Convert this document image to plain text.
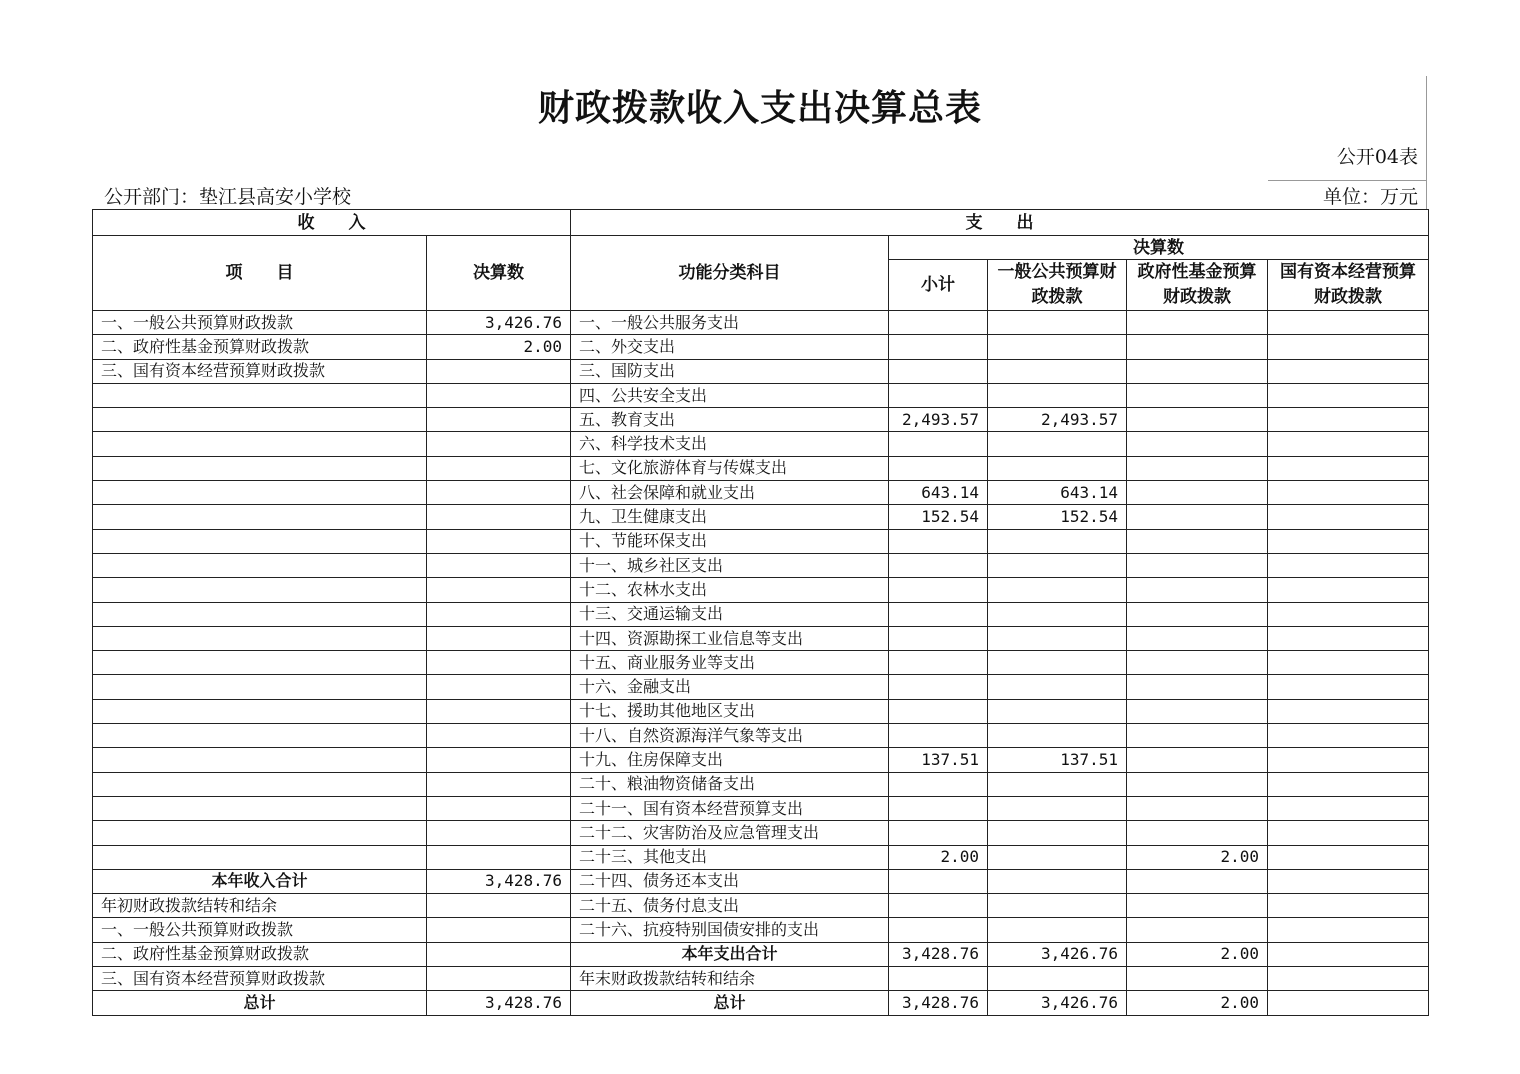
财政拨款收入支出决算总表
公开04表
公开部门：垫江县高安小学校	单位：万元
收　　入		支　　出				
项　　目	决算数	功能分类科目	决算数			
			小计	一般公共预算财政拨款	政府性基金预算财政拨款	国有资本经营预算财政拨款
一、一般公共预算财政拨款	3,426.76	一、一般公共服务支出				
二、政府性基金预算财政拨款	2.00	二、外交支出				
三、国有资本经营预算财政拨款		三、国防支出				
		四、公共安全支出				
		五、教育支出	2,493.57	2,493.57		
		六、科学技术支出				
		七、文化旅游体育与传媒支出				
		八、社会保障和就业支出	643.14	643.14		
		九、卫生健康支出	152.54	152.54		
		十、节能环保支出				
		十一、城乡社区支出				
		十二、农林水支出				
		十三、交通运输支出				
		十四、资源勘探工业信息等支出				
		十五、商业服务业等支出				
		十六、金融支出				
		十七、援助其他地区支出				
		十八、自然资源海洋气象等支出				
		十九、住房保障支出	137.51	137.51		
		二十、粮油物资储备支出				
		二十一、国有资本经营预算支出				
		二十二、灾害防治及应急管理支出				
		二十三、其他支出	2.00		2.00	
本年收入合计	3,428.76	二十四、债务还本支出				
年初财政拨款结转和结余		二十五、债务付息支出				
一、一般公共预算财政拨款		二十六、抗疫特别国债安排的支出				
二、政府性基金预算财政拨款		本年支出合计	3,428.76	3,426.76	2.00	
三、国有资本经营预算财政拨款		年末财政拨款结转和结余				
总计	3,428.76	总计	3,428.76	3,426.76	2.00	
